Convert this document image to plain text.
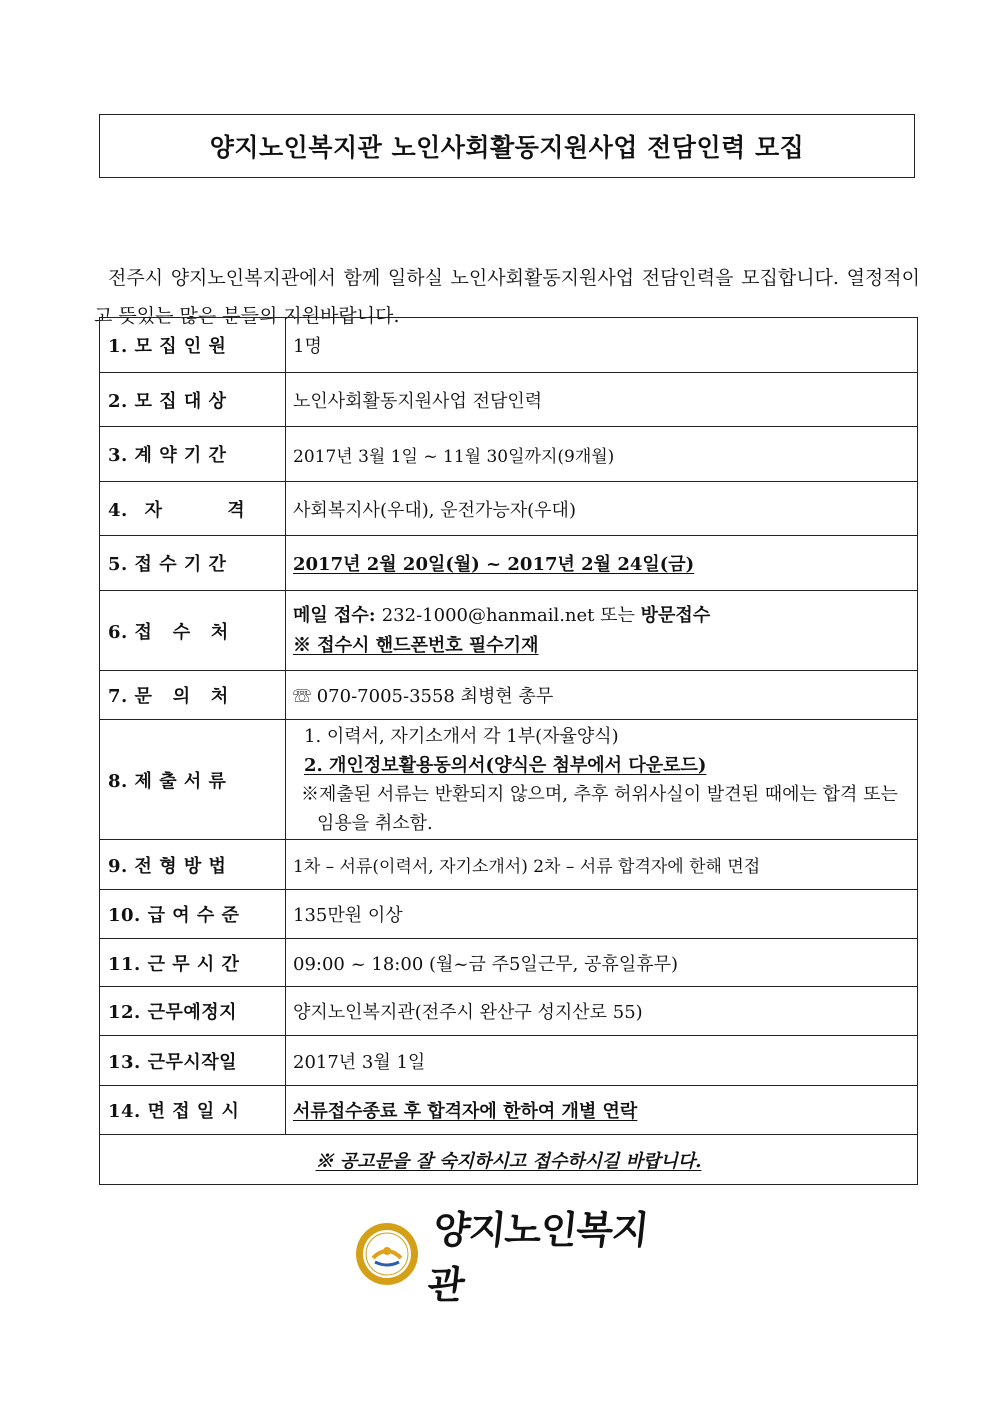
양지노인복지관 노인사회활동지원사업 전담인력 모집

전주시 양지노인복지관에서 함께 일하실 노인사회활동지원사업 전담인력을 모집합니다. 열정적이고 뜻있는 많은 분들의 지원바랍니다.

1. 모 집 인 원	1명
2. 모 집 대 상	노인사회활동지원사업 전담인력
3. 계 약 기 간	2017년 3월 1일 ~ 11월 30일까지(9개월)
4. 자 격	사회복지사(우대), 운전가능자(우대)
5. 접 수 기 간	2017년 2월 20일(월) ~ 2017년 2월 24일(금)
6. 접   수   처	메일 접수: 232-1000@hanmail.net 또는 방문접수
※ 접수시 핸드폰번호 필수기재

7. 문   의   처	☏ 070-7005-3558 최병현 총무
8. 제 출 서 류	1. 이력서, 자기소개서 각 1부(자율양식)
2. 개인정보활용동의서(양식은 첨부에서 다운로드)
※제출된 서류는 반환되지 않으며, 추후 허위사실이 발견된 때에는 합격 또는 임용을 취소함.

9. 전 형 방 법	1차 – 서류(이력서, 자기소개서) 2차 – 서류 합격자에 한해 면접
10. 급 여 수 준	135만원 이상
11. 근 무 시 간	09:00 ~ 18:00 (월~금 주5일근무, 공휴일휴무)
12. 근무예정지	양지노인복지관(전주시 완산구 성지산로 55)
13. 근무시작일	2017년 3월 1일
14. 면 접 일 시	서류접수종료 후 합격자에 한하여 개별 연락
※ 공고문을 잘 숙지하시고 접수하시길 바랍니다.	
양지노인복지관
